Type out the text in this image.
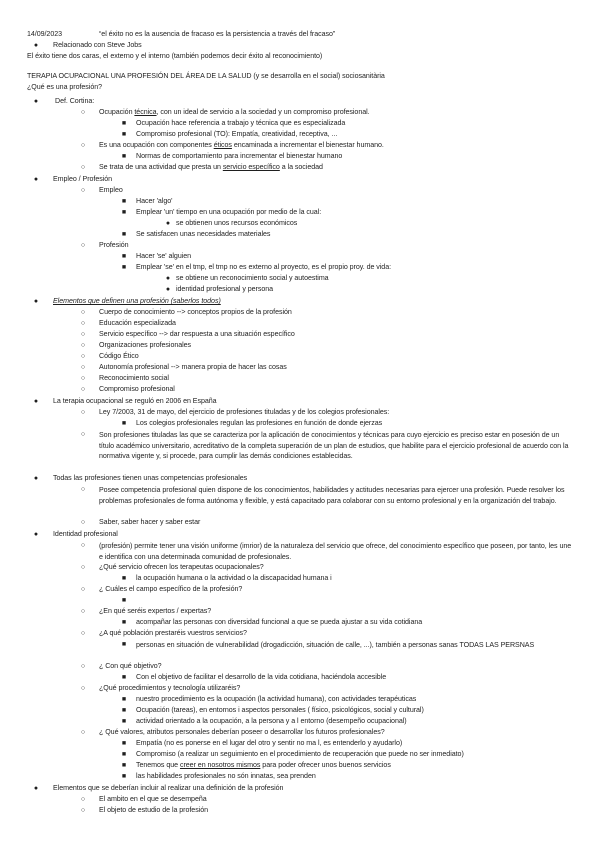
14/09/2023	“el éxito no es la ausencia de fracaso es la persistencia a través del fracaso”
●	Relacionado con Steve Jobs
El éxito tiene dos caras, el externo y el interno (también podemos decir éxito al reconocimiento)
TERAPIA OCUPACIONAL UNA PROFESIÓN DEL ÁREA DE LA SALUD (y se desarrolla en el social) sociosanitària
¿Qué es una profesión?
●	Def. Cortina:
○	Ocupación técnica, con un ideal de servicio a la sociedad y un compromiso profesional.
■	Ocupación hace referencia a trabajo y técnica que es especializada
■	Compromiso profesional (TO): Empatía, creatividad, receptiva, ...
○	Es una ocupación con componentes éticos encaminada a incrementar el bienestar humano.
■	Normas de comportamiento para incrementar el bienestar humano
○	Se trata de una actividad que presta un servicio específico a la sociedad
●	Empleo / Profesión
○	Empleo
■	Hacer 'algo'
■	Emplear 'un' tiempo en una ocupación por medio de la cual:
● se obtienen unos recursos económicos
■	Se satisfacen unas necesidades materiales
○	Profesión
■	Hacer 'se' alguien
■	Emplear 'se' en el tmp, el tmp no es externo al proyecto, es el propio proy. de vida:
● se obtiene un reconocimiento social y autoestima
● identidad profesional y persona
●	Elementos que definen una profesión (saberlos todos)
○	Cuerpo de conocimiento --> conceptos propios de la profesión
○	Educación especializada
○	Servicio específico --> dar respuesta a una situación específico
○	Organizaciones profesionales
○	Código Ético
○	Autonomía profesional --> manera propia de hacer las cosas
○	Reconocimiento social
○	Compromiso profesional
●	La terapia ocupacional se reguló en 2006 en España
○	Ley 7/2003, 31 de mayo, del ejercicio de profesiones tituladas y de los colegios profesionales:
■	Los colegios profesionales regulan las profesiones en función de donde ejerzas
○	Son profesiones tituladas las que se caracteriza por la aplicación de conocimientos y técnicas para cuyo ejercicio es preciso estar en posesión de un título académico universitario, acreditativo de la completa superación de un plan de estudios, que habilite para el ejercicio profesional de acuerdo con la normativa vigente y, si procede, para cumplir las demás condiciones establecidas.
●	Todas las profesiones tienen unas competencias profesionales
○	Posee competencia profesional quien dispone de los conocimientos, habilidades y actitudes necesarias para ejercer una profesión. Puede resolver los problemas profesionales de forma autónoma y flexible, y está capacitado para colaborar con su entorno profesional y en la organización del trabajo.
○	Saber, saber hacer y saber estar
●	Identidad profesional
○	(profesión) permite tener una visión uniforme (imrior) de la naturaleza del servicio que ofrece, del conocimiento específico que poseen, por tanto, les une e identifica con una determinada comunidad de profesionales.
○	¿Qué servicio ofrecen los terapeutas ocupacionales?
■	la ocupación humana o la actividad o la discapacidad humana i
○	¿ Cuáles el campo específico de la profesión?
■
○	¿En qué seréis expertos / expertas?
■	acompañar las personas con diversidad funcional a que se pueda ajustar a su vida cotidiana
○	¿A qué población prestaréis vuestros servicios?
■	personas en situación de vulnerabilidad (drogadicción, situación de calle, ...), también a personas sanas TODAS LAS PERSNAS
○	¿ Con qué objetivo?
■	Con el objetivo de facilitar el desarrollo de la vida cotidiana, haciéndola accesible
○	¿Qué procedimientos y tecnología utilizaréis?
■	nuestro procedimiento es la ocupación (la actividad humana), con actividades terapéuticas
■	Ocupación (tareas), en entornos i aspectos personales ( físico, psicológicos, social y cultural)
■	actividad orientado a la ocupación, a la persona y a l entorno (desempeño ocupacional)
○	¿ Qué valores, atributos personales deberían poseer o desarrollar los futuros profesionales?
■	Empatía (no es ponerse en el lugar del otro y sentir no ma l, es entenderlo y ayudarlo)
■	Compromiso (a realizar un seguimiento en el procedimiento de recuperación que puede no ser inmediato)
■	Tenemos que creer en nosotros mismos para poder ofrecer unos buenos servicios
■	las habilidades profesionales no són innatas, sea prenden
●	Elementos que se deberían incluir al realizar una definición de la profesión
○	El ambito en el que se desempeña
○	El objeto de estudio de la profesión
